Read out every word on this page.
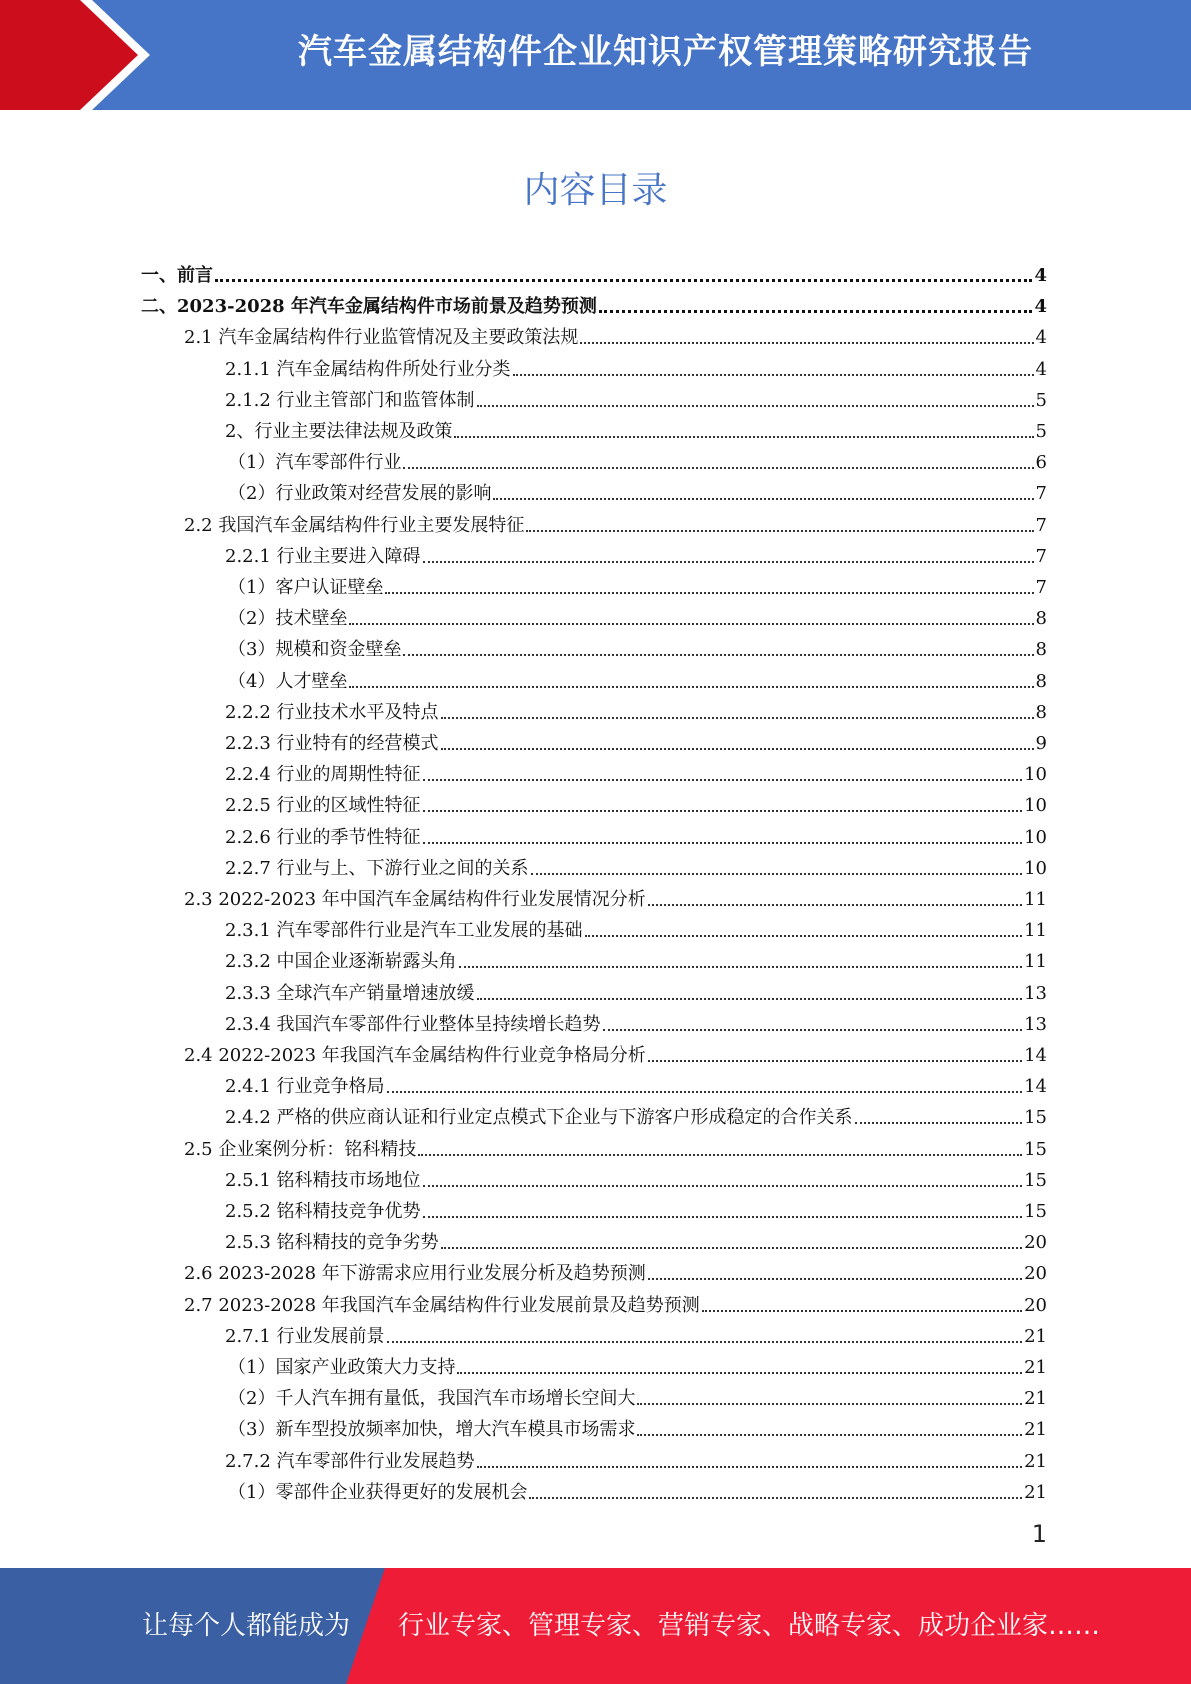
汽车金属结构件企业知识产权管理策略研究报告
内容目录
一、前言	4
二、2023-2028 年汽车金属结构件市场前景及趋势预测	4
2.1 汽车金属结构件行业监管情况及主要政策法规	4
2.1.1 汽车金属结构件所处行业分类	4
2.1.2 行业主管部门和监管体制	5
2、行业主要法律法规及政策	5
（1）汽车零部件行业	6
（2）行业政策对经营发展的影响	7
2.2 我国汽车金属结构件行业主要发展特征	7
2.2.1 行业主要进入障碍	7
（1）客户认证壁垒	7
（2）技术壁垒	8
（3）规模和资金壁垒	8
（4）人才壁垒	8
2.2.2 行业技术水平及特点	8
2.2.3 行业特有的经营模式	9
2.2.4 行业的周期性特征	10
2.2.5 行业的区域性特征	10
2.2.6 行业的季节性特征	10
2.2.7 行业与上、下游行业之间的关系	10
2.3 2022-2023 年中国汽车金属结构件行业发展情况分析	11
2.3.1 汽车零部件行业是汽车工业发展的基础	11
2.3.2 中国企业逐渐崭露头角	11
2.3.3 全球汽车产销量增速放缓	13
2.3.4 我国汽车零部件行业整体呈持续增长趋势	13
2.4 2022-2023 年我国汽车金属结构件行业竞争格局分析	14
2.4.1 行业竞争格局	14
2.4.2 严格的供应商认证和行业定点模式下企业与下游客户形成稳定的合作关系	15
2.5 企业案例分析：铭科精技	15
2.5.1 铭科精技市场地位	15
2.5.2 铭科精技竞争优势	15
2.5.3 铭科精技的竞争劣势	20
2.6 2023-2028 年下游需求应用行业发展分析及趋势预测	20
2.7 2023-2028 年我国汽车金属结构件行业发展前景及趋势预测	20
2.7.1 行业发展前景	21
（1）国家产业政策大力支持	21
（2）千人汽车拥有量低，我国汽车市场增长空间大	21
（3）新车型投放频率加快，增大汽车模具市场需求	21
2.7.2 汽车零部件行业发展趋势	21
（1）零部件企业获得更好的发展机会	21
1
让每个人都能成为 行业专家、管理专家、营销专家、战略专家、成功企业家……
